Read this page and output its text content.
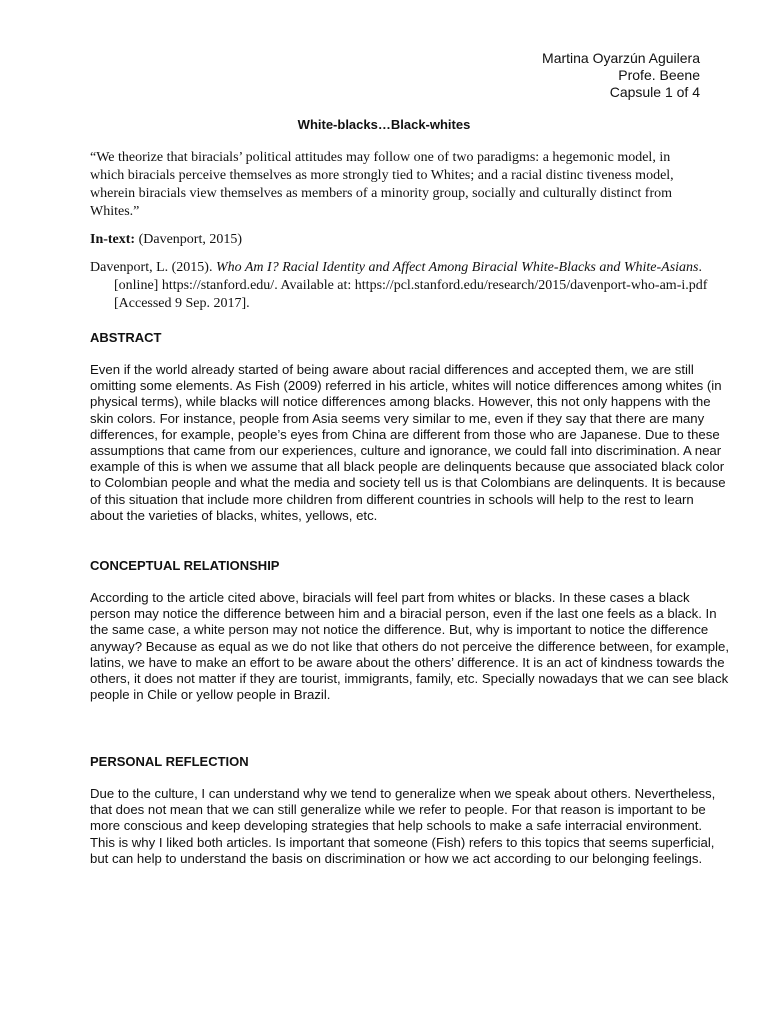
Martina Oyarzún Aguilera
Profe. Beene
Capsule 1 of 4
White-blacks…Black-whites
“We theorize that biracials’ political attitudes may follow one of two paradigms: a hegemonic model, in which biracials perceive themselves as more strongly tied to Whites; and a racial distinc tiveness model, wherein biracials view themselves as members of a minority group, socially and culturally distinct from Whites.”
In-text: (Davenport, 2015)
Davenport, L. (2015). Who Am I? Racial Identity and Affect Among Biracial White-Blacks and White-Asians. [online] https://stanford.edu/. Available at: https://pcl.stanford.edu/research/2015/davenport-who-am-i.pdf [Accessed 9 Sep. 2017].
ABSTRACT

Even if the world already started of being aware about racial differences and accepted them, we are still omitting some elements. As Fish (2009) referred in his article, whites will notice differences among whites (in physical terms), while blacks will notice differences among blacks. However, this not only happens with the skin colors. For instance, people from Asia seems very similar to me, even if they say that there are many differences, for example, people’s eyes from China are different from those who are Japanese. Due to these assumptions that came from our experiences, culture and ignorance, we could fall into discrimination. A near example of this is when we assume that all black people are delinquents because que associated black color to Colombian people and what the media and society tell us is that Colombians are delinquents. It is because of this situation that include more children from different countries in schools will help to the rest to learn about the varieties of blacks, whites, yellows, etc.

CONCEPTUAL RELATIONSHIP

According to the article cited above, biracials will feel part from whites or blacks. In these cases a black person may notice the difference between him and a biracial person, even if the last one feels as a black. In the same case, a white person may not notice the difference. But, why is important to notice the difference anyway? Because as equal as we do not like that others do not perceive the difference between, for example, latins, we have to make an effort to be aware about the others’ difference. It is an act of kindness towards the others, it does not matter if they are tourist, immigrants, family, etc. Specially nowadays that we can see black people in Chile or yellow people in Brazil.

PERSONAL REFLECTION

Due to the culture, I can understand why we tend to generalize when we speak about others. Nevertheless, that does not mean that we can still generalize while we refer to people. For that reason is important to be more conscious and keep developing strategies that help schools to make a safe interracial environment. This is why I liked both articles. Is important that someone (Fish) refers to this topics that seems superficial, but can help to understand the basis on discrimination or how we act according to our belonging feelings.
